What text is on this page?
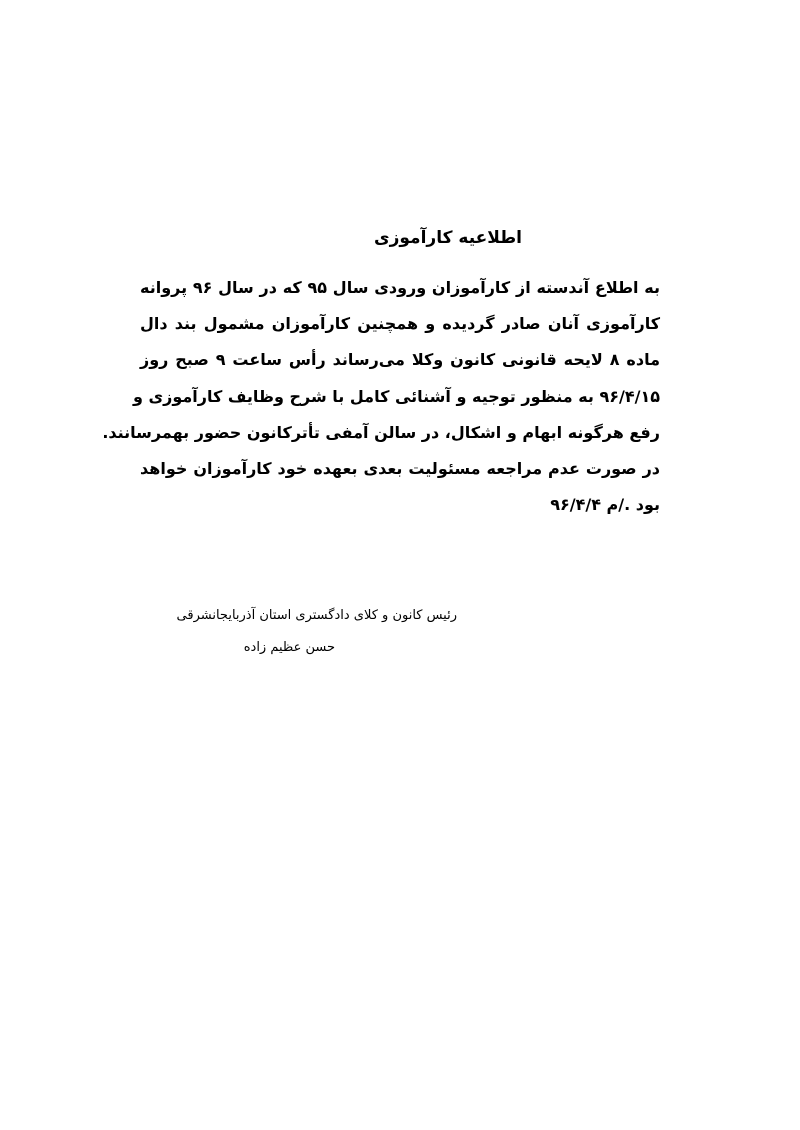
اطلاعیه کارآموزی
به اطلاع آندسته از کارآموزان ورودی سال ۹۵ که در سال ۹۶ پروانه
کارآموزی آنان صادر گردیده و همچنین کارآموزان مشمول بند دال
ماده ۸ لایحه قانونی کانون وکلا می‌رساند رأس ساعت ۹ صبح روز
۹۶/۴/۱۵ به منظور توجیه و آشنائی کامل با شرح وظایف کارآموزی و
رفع هرگونه ابهام و اشکال، در سالن آمفی تأترکانون حضور بهمرسانند.
در صورت عدم مراجعه مسئولیت بعدی بعهده خود کارآموزان خواهد
بود ./م ۹۶/۴/۴
رئیس کانون و کلای دادگستری استان آذربایجانشرقی
حسن عظیم زاده
